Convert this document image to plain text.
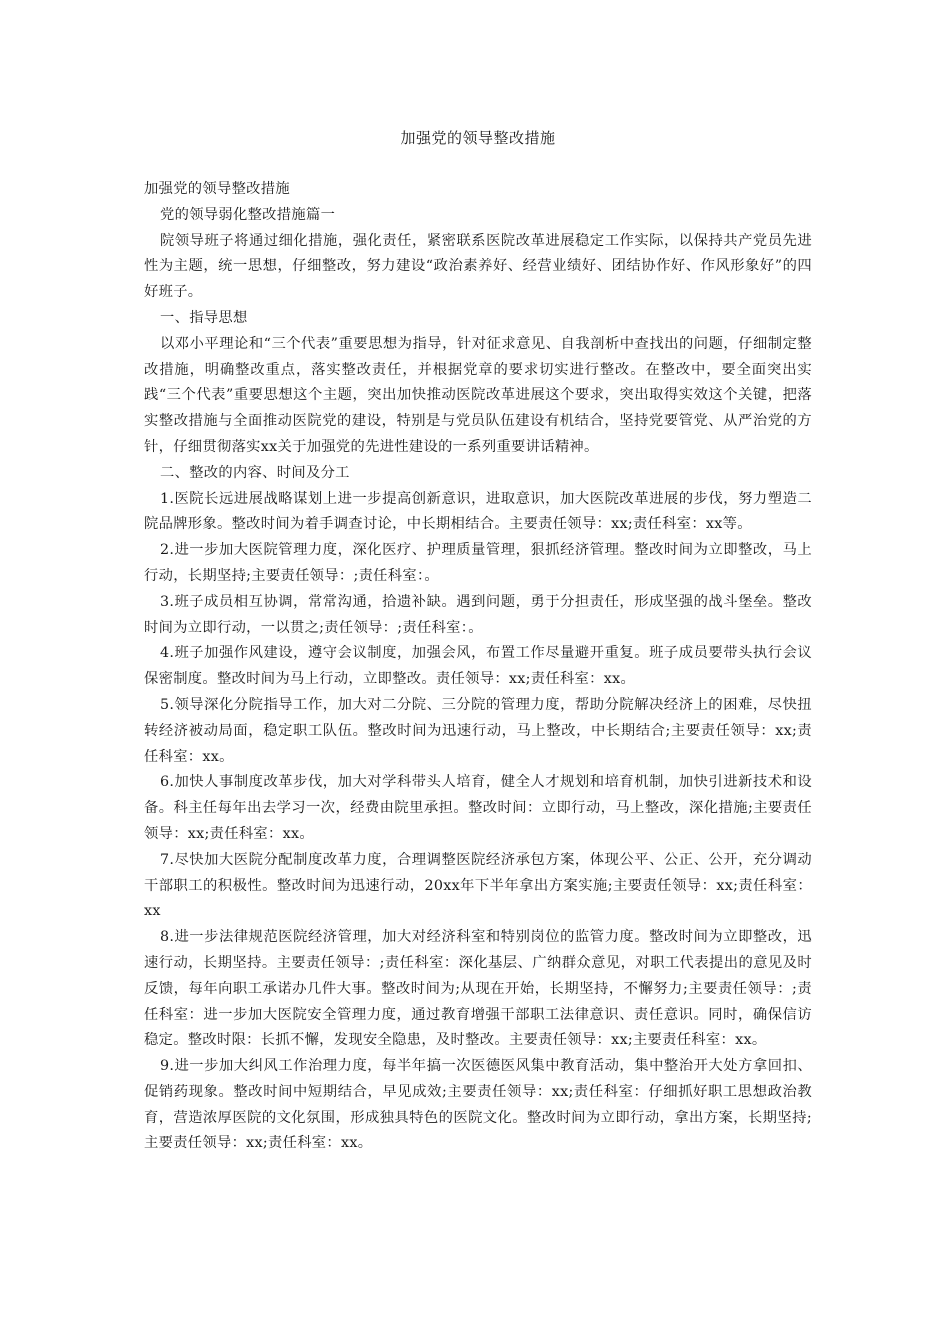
加强党的领导整改措施

加强党的领导整改措施

党的领导弱化整改措施篇一

院领导班子将通过细化措施，强化责任，紧密联系医院改革进展稳定工作实际，以保持共产党员先进性为主题，统一思想，仔细整改，努力建设“政治素养好、经营业绩好、团结协作好、作风形象好”的四好班子。

一、指导思想

以邓小平理论和“三个代表”重要思想为指导，针对征求意见、自我剖析中查找出的问题，仔细制定整改措施，明确整改重点，落实整改责任，并根据党章的要求切实进行整改。在整改中，要全面突出实践“三个代表”重要思想这个主题，突出加快推动医院改革进展这个要求，突出取得实效这个关键，把落实整改措施与全面推动医院党的建设，特别是与党员队伍建设有机结合，坚持党要管党、从严治党的方针，仔细贯彻落实xx关于加强党的先进性建设的一系列重要讲话精神。

二、整改的内容、时间及分工

1.医院长远进展战略谋划上进一步提高创新意识，进取意识，加大医院改革进展的步伐，努力塑造二院品牌形象。整改时间为着手调查讨论，中长期相结合。主要责任领导：xx;责任科室：xx等。

2.进一步加大医院管理力度，深化医疗、护理质量管理，狠抓经济管理。整改时间为立即整改，马上行动，长期坚持;主要责任领导：;责任科室：。

3.班子成员相互协调，常常沟通，拾遗补缺。遇到问题，勇于分担责任，形成坚强的战斗堡垒。整改时间为立即行动，一以贯之;责任领导：;责任科室：。

4.班子加强作风建设，遵守会议制度，加强会风，布置工作尽量避开重复。班子成员要带头执行会议保密制度。整改时间为马上行动，立即整改。责任领导：xx;责任科室：xx。

5.领导深化分院指导工作，加大对二分院、三分院的管理力度，帮助分院解决经济上的困难，尽快扭转经济被动局面，稳定职工队伍。整改时间为迅速行动，马上整改，中长期结合;主要责任领导：xx;责任科室：xx。

6.加快人事制度改革步伐，加大对学科带头人培育，健全人才规划和培育机制，加快引进新技术和设备。科主任每年出去学习一次，经费由院里承担。整改时间：立即行动，马上整改，深化措施;主要责任领导：xx;责任科室：xx。

7.尽快加大医院分配制度改革力度，合理调整医院经济承包方案，体现公平、公正、公开，充分调动干部职工的积极性。整改时间为迅速行动，20xx年下半年拿出方案实施;主要责任领导：xx;责任科室：xx

8.进一步法律规范医院经济管理，加大对经济科室和特别岗位的监管力度。整改时间为立即整改，迅速行动，长期坚持。主要责任领导：;责任科室：深化基层、广纳群众意见，对职工代表提出的意见及时反馈，每年向职工承诺办几件大事。整改时间为;从现在开始，长期坚持，不懈努力;主要责任领导：;责任科室：进一步加大医院安全管理力度，通过教育增强干部职工法律意识、责任意识。同时，确保信访稳定。整改时限：长抓不懈，发现安全隐患，及时整改。主要责任领导：xx;主要责任科室：xx。

9.进一步加大纠风工作治理力度，每半年搞一次医德医风集中教育活动，集中整治开大处方拿回扣、促销药现象。整改时间中短期结合，早见成效;主要责任领导：xx;责任科室：仔细抓好职工思想政治教育，营造浓厚医院的文化氛围，形成独具特色的医院文化。整改时间为立即行动，拿出方案，长期坚持;主要责任领导：xx;责任科室：xx。
